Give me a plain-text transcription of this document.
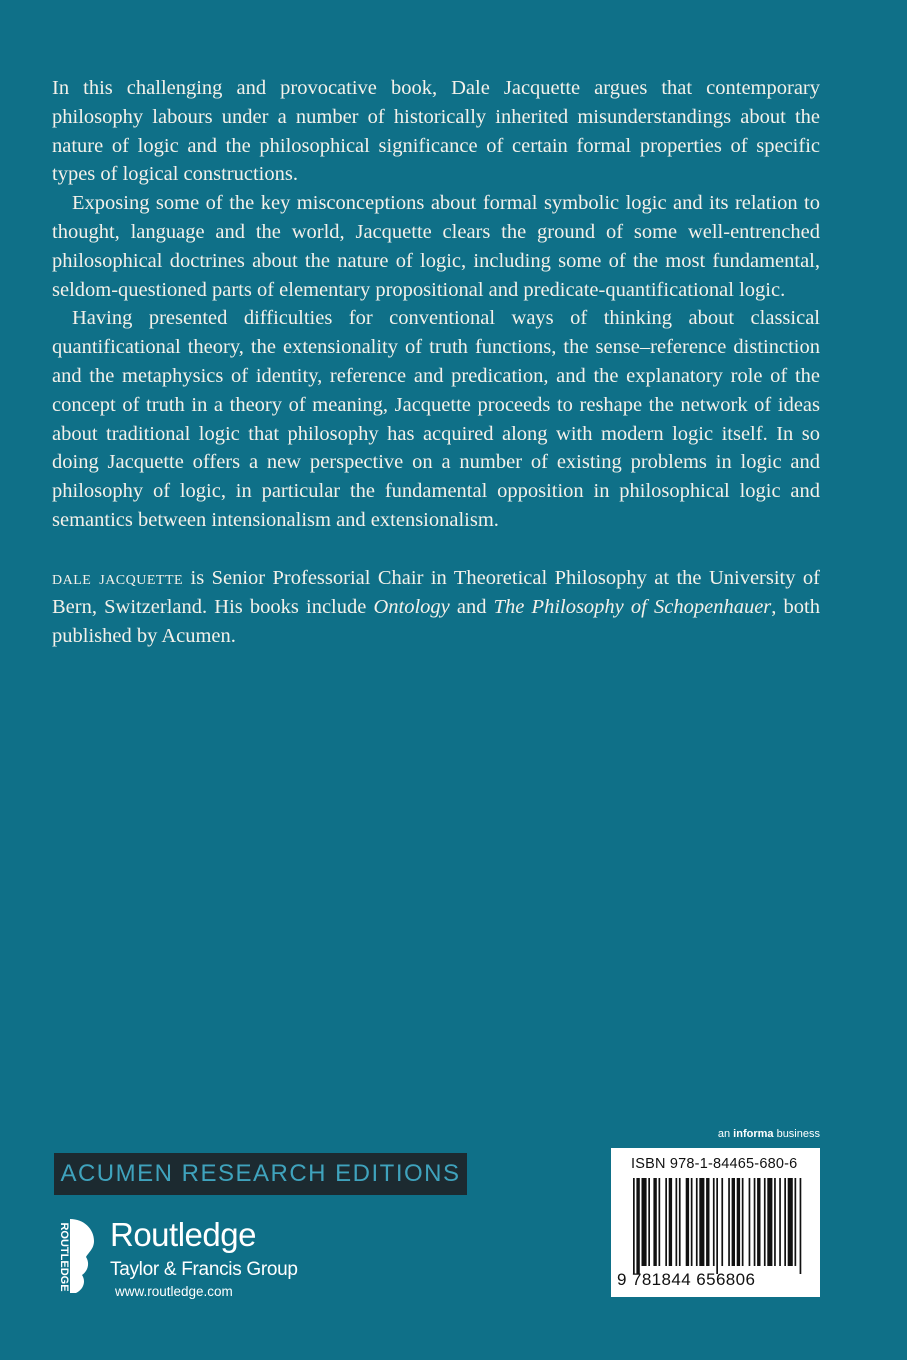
In this challenging and provocative book, Dale Jacquette argues that contemporary philosophy labours under a number of historically inherited misunderstandings about the nature of logic and the philosophical significance of certain formal properties of specific types of logical constructions.

Exposing some of the key misconceptions about formal symbolic logic and its relation to thought, language and the world, Jacquette clears the ground of some well-entrenched philosophical doctrines about the nature of logic, including some of the most fundamental, seldom-questioned parts of elementary propositional and predicate-quantificational logic.

Having presented difficulties for conventional ways of thinking about classical quantificational theory, the extensionality of truth functions, the sense–reference distinction and the metaphysics of identity, reference and predication, and the explanatory role of the concept of truth in a theory of meaning, Jacquette proceeds to reshape the network of ideas about traditional logic that philosophy has acquired along with modern logic itself. In so doing Jacquette offers a new perspective on a number of existing problems in logic and philosophy of logic, in particular the fundamental opposition in philosophical logic and semantics between intensionalism and extensionalism.

dale jacquette is Senior Professorial Chair in Theoretical Philosophy at the University of Bern, Switzerland. His books include Ontology and The Philosophy of Schopenhauer, both published by Acumen.
ACUMEN RESEARCH EDITIONS
ROUTLEDGE Routledge
Taylor & Francis Group
www.routledge.com
an informa business
ISBN 978-1-84465-680-6
9 781844 656806
